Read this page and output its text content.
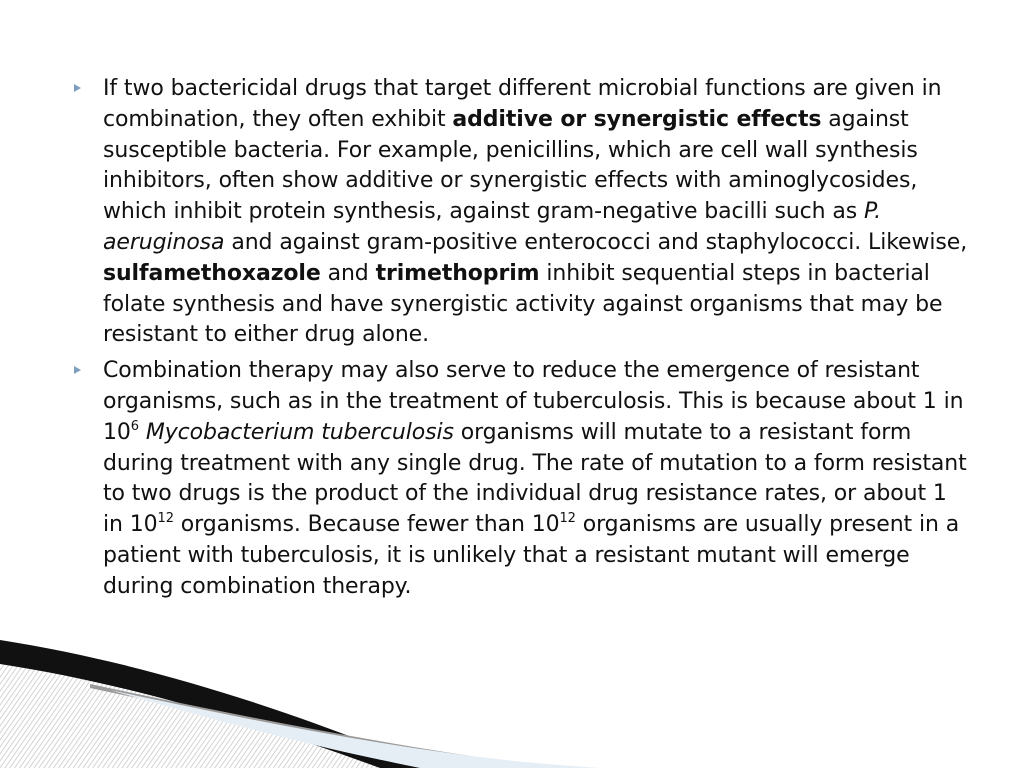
If two bactericidal drugs that target different microbial functions are given in combination, they often exhibit additive or synergistic effects against susceptible bacteria. For example, penicillins, which are cell wall synthesis inhibitors, often show additive or synergistic effects with aminoglycosides, which inhibit protein synthesis, against gram-negative bacilli such as P. aeruginosa and against gram-positive enterococci and staphylococci. Likewise, sulfamethoxazole and trimethoprim inhibit sequential steps in bacterial folate synthesis and have synergistic activity against organisms that may be resistant to either drug alone.
Combination therapy may also serve to reduce the emergence of resistant organisms, such as in the treatment of tuberculosis. This is because about 1 in $10^6$ Mycobacterium tuberculosis organisms will mutate to a resistant form during treatment with any single drug. The rate of mutation to a form resistant to two drugs is the product of the individual drug resistance rates, or about 1 in $10^{12}$ organisms. Because fewer than $10^{12}$ organisms are usually present in a patient with tuberculosis, it is unlikely that a resistant mutant will emerge during combination therapy.
